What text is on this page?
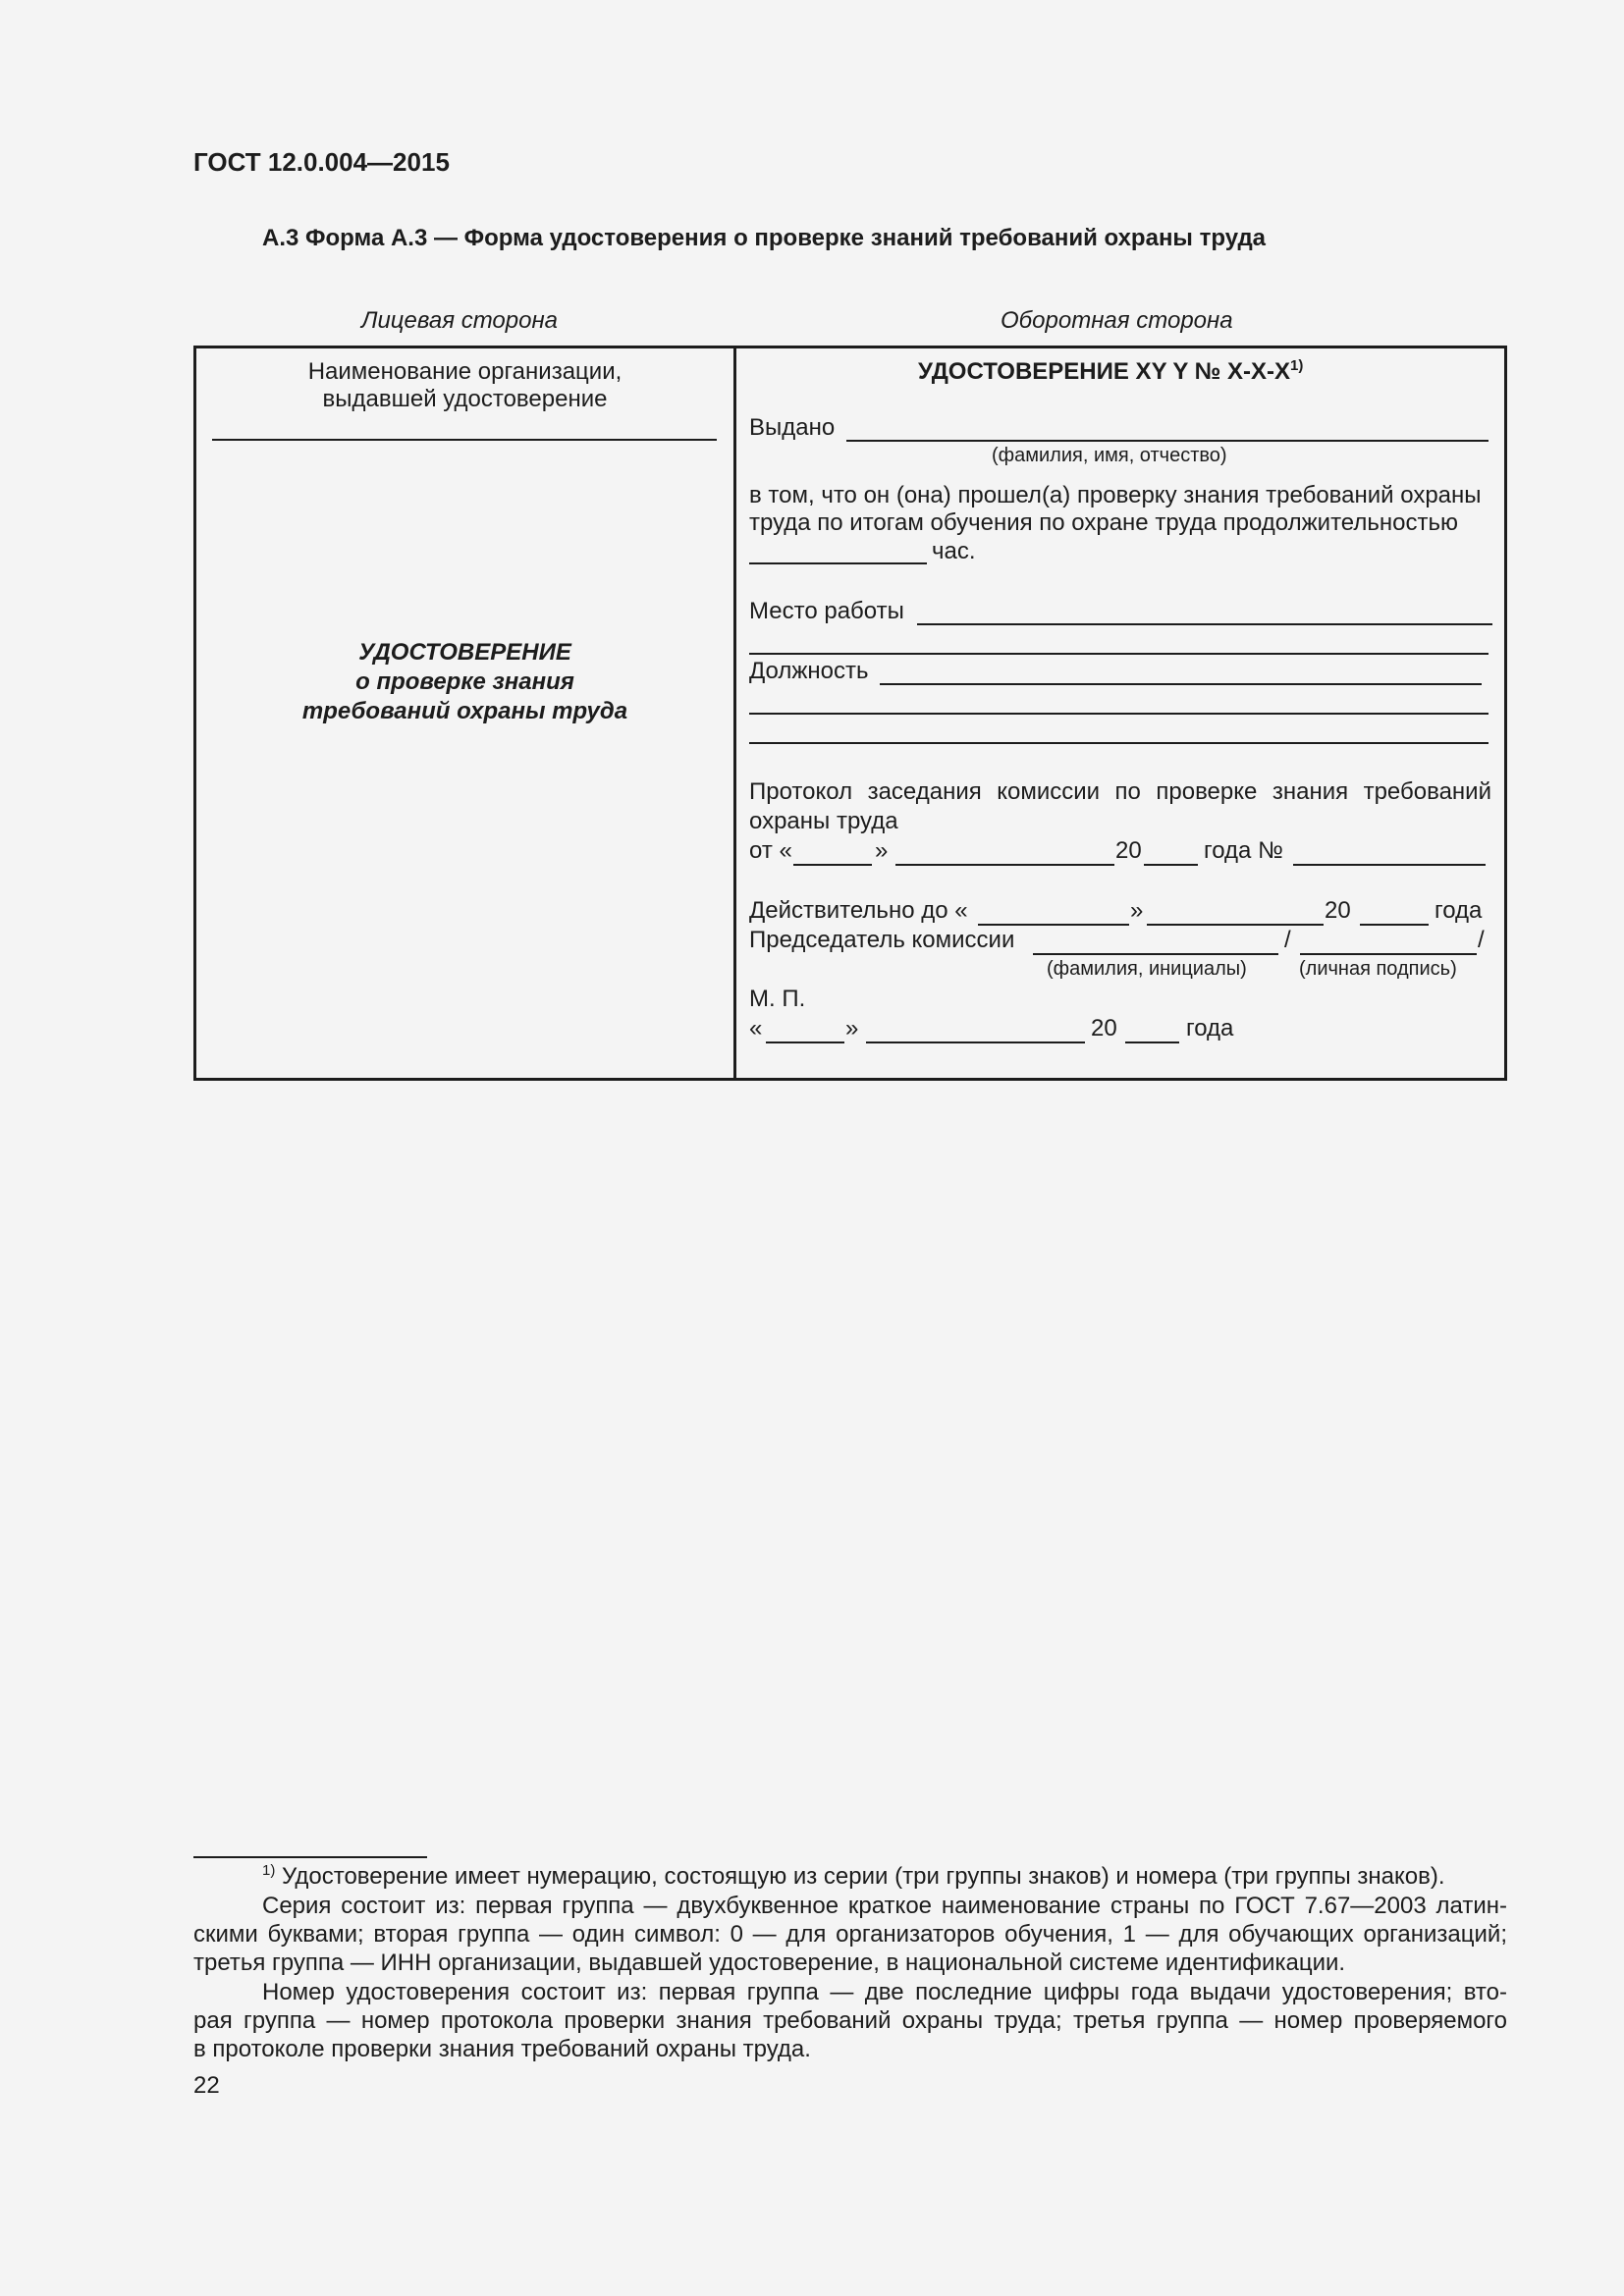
ГОСТ 12.0.004—2015
А.3 Форма А.3 — Форма удостоверения о проверке знаний требований охраны труда
Лицевая сторона	Оборотная сторона
Наименование организации,
выдавшей удостоверение
УДОСТОВЕРЕНИЕ
о проверке знания
требований охраны труда
УДОСТОВЕРЕНИЕ XY Y № $X-X-X^{1)}$
Выдано
(фамилия, имя, отчество)
в том, что он (она) прошел(а) проверку знания требований охраны
труда по итогам обучения по охране труда продолжительностью
час.
Место работы
Должность
Протокол заседания комиссии по проверке знания требований
охраны труда
от «	»	20	года №
Действительно до «	»	20	года
Председатель комиссии	/	/
(фамилия, инициалы)	(личная подпись)
М. П.
«	»	20	года
$^{1)}$ Удостоверение имеет нумерацию, состоящую из серии (три группы знаков) и номера (три группы знаков).
Серия состоит из: первая группа — двухбуквенное краткое наименование страны по ГОСТ 7.67—2003 латин-
скими буквами; вторая группа — один символ: 0 — для организаторов обучения, 1 — для обучающих организаций;
третья группа — ИНН организации, выдавшей удостоверение, в национальной системе идентификации.
Номер удостоверения состоит из: первая группа — две последние цифры года выдачи удостоверения; вто-
рая группа — номер протокола проверки знания требований охраны труда; третья группа — номер проверяемого
в протоколе проверки знания требований охраны труда.
22
